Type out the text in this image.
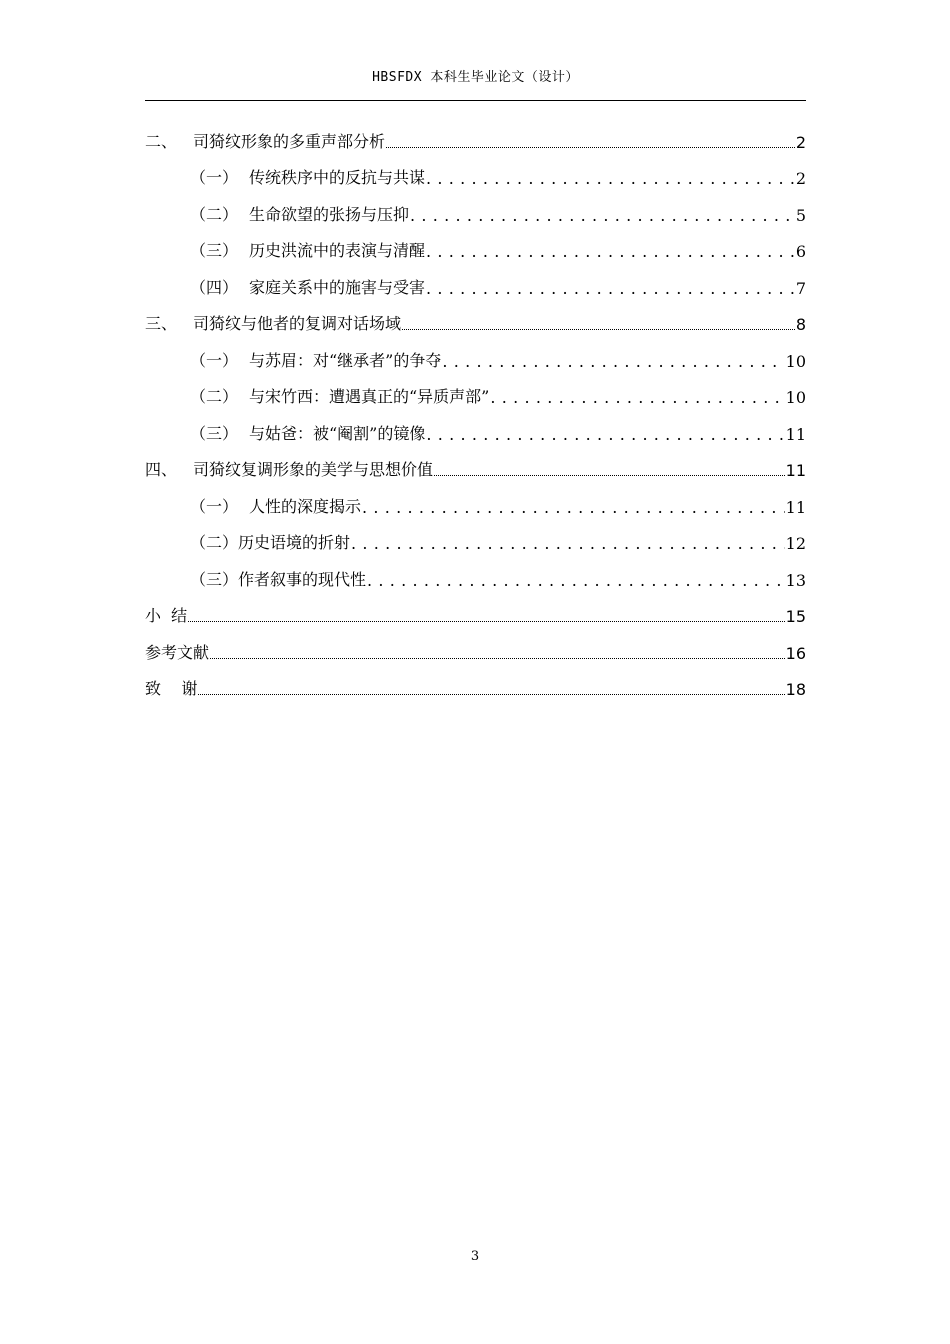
HBSFDX 本科生毕业论文（设计）
二、 司猗纹形象的多重声部分析	2
（一） 传统秩序中的反抗与共谋 . . .	2
（二） 生命欲望的张扬与压抑 . . .	5
（三） 历史洪流中的表演与清醒 . . .	6
（四） 家庭关系中的施害与受害 . . .	7
三、 司猗纹与他者的复调对话场域	8
（一） 与苏眉：对“继承者”的争夺 . . .	10
（二） 与宋竹西：遭遇真正的“异质声部” . . .	10
（三） 与姑爸：被“阉割”的镜像 . . .	11
四、 司猗纹复调形象的美学与思想价值	11
（一） 人性的深度揭示 . . .	11
（二） 历史语境的折射 . . .	12
（三） 作者叙事的现代性 . . .	13
小  结	15
参考文献	16
致    谢	18
3
